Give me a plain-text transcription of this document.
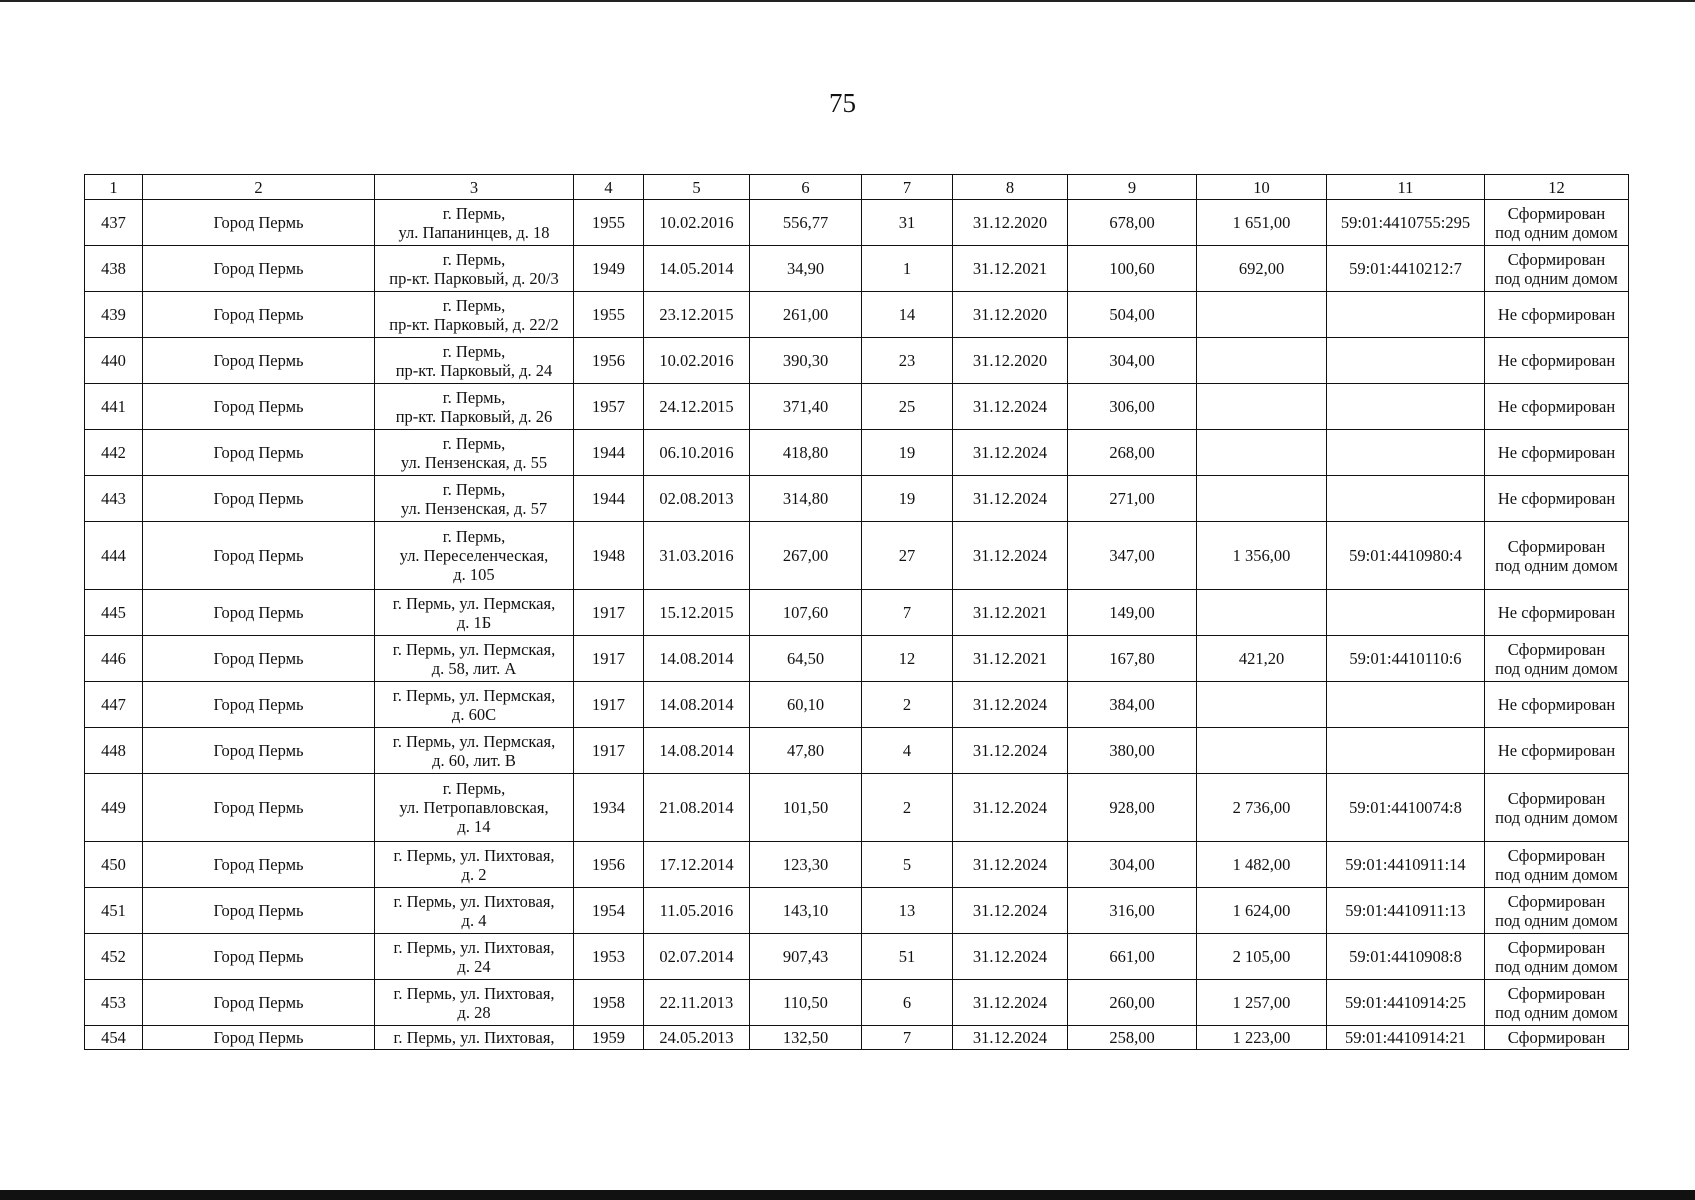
75
1	2	3	4	5	6	7	8	9	10	11	12
437	Город Пермь	г. Пермь,
ул. Папанинцев, д. 18	1955	10.02.2016	556,77	31	31.12.2020	678,00	1 651,00	59:01:4410755:295	Сформирован
под одним домом
438	Город Пермь	г. Пермь,
пр-кт. Парковый, д. 20/3	1949	14.05.2014	34,90	1	31.12.2021	100,60	692,00	59:01:4410212:7	Сформирован
под одним домом
439	Город Пермь	г. Пермь,
пр-кт. Парковый, д. 22/2	1955	23.12.2015	261,00	14	31.12.2020	504,00			Не сформирован
440	Город Пермь	г. Пермь,
пр-кт. Парковый, д. 24	1956	10.02.2016	390,30	23	31.12.2020	304,00			Не сформирован
441	Город Пермь	г. Пермь,
пр-кт. Парковый, д. 26	1957	24.12.2015	371,40	25	31.12.2024	306,00			Не сформирован
442	Город Пермь	г. Пермь,
ул. Пензенская, д. 55	1944	06.10.2016	418,80	19	31.12.2024	268,00			Не сформирован
443	Город Пермь	г. Пермь,
ул. Пензенская, д. 57	1944	02.08.2013	314,80	19	31.12.2024	271,00			Не сформирован
444	Город Пермь	г. Пермь,
ул. Переселенческая,
д. 105	1948	31.03.2016	267,00	27	31.12.2024	347,00	1 356,00	59:01:4410980:4	Сформирован
под одним домом
445	Город Пермь	г. Пермь, ул. Пермская,
д. 1Б	1917	15.12.2015	107,60	7	31.12.2021	149,00			Не сформирован
446	Город Пермь	г. Пермь, ул. Пермская,
д. 58, лит. А	1917	14.08.2014	64,50	12	31.12.2021	167,80	421,20	59:01:4410110:6	Сформирован
под одним домом
447	Город Пермь	г. Пермь, ул. Пермская,
д. 60С	1917	14.08.2014	60,10	2	31.12.2024	384,00			Не сформирован
448	Город Пермь	г. Пермь, ул. Пермская,
д. 60, лит. В	1917	14.08.2014	47,80	4	31.12.2024	380,00			Не сформирован
449	Город Пермь	г. Пермь,
ул. Петропавловская,
д. 14	1934	21.08.2014	101,50	2	31.12.2024	928,00	2 736,00	59:01:4410074:8	Сформирован
под одним домом
450	Город Пермь	г. Пермь, ул. Пихтовая,
д. 2	1956	17.12.2014	123,30	5	31.12.2024	304,00	1 482,00	59:01:4410911:14	Сформирован
под одним домом
451	Город Пермь	г. Пермь, ул. Пихтовая,
д. 4	1954	11.05.2016	143,10	13	31.12.2024	316,00	1 624,00	59:01:4410911:13	Сформирован
под одним домом
452	Город Пермь	г. Пермь, ул. Пихтовая,
д. 24	1953	02.07.2014	907,43	51	31.12.2024	661,00	2 105,00	59:01:4410908:8	Сформирован
под одним домом
453	Город Пермь	г. Пермь, ул. Пихтовая,
д. 28	1958	22.11.2013	110,50	6	31.12.2024	260,00	1 257,00	59:01:4410914:25	Сформирован
под одним домом
454	Город Пермь	г. Пермь, ул. Пихтовая,	1959	24.05.2013	132,50	7	31.12.2024	258,00	1 223,00	59:01:4410914:21	Сформирован
